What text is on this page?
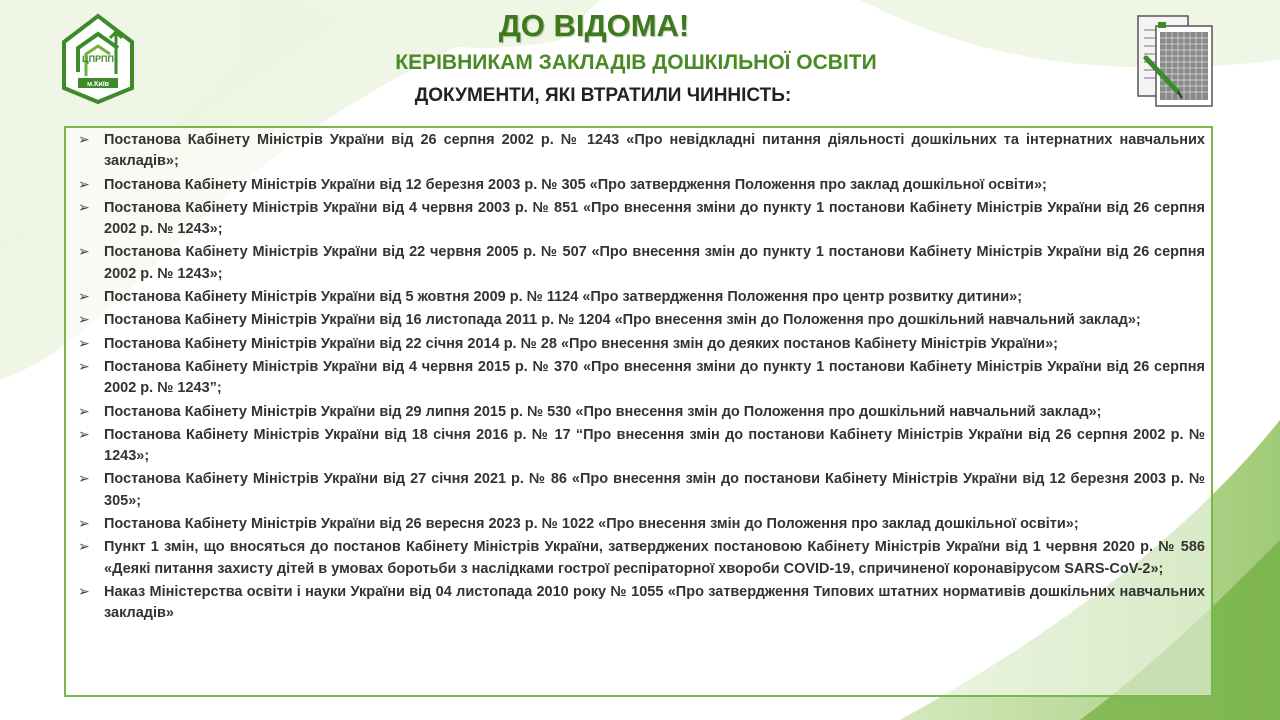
ЦПРПП
м.Київ
ДО ВІДОМА!
КЕРІВНИКАМ ЗАКЛАДІВ ДОШКІЛЬНОЇ ОСВІТИ
ДОКУМЕНТИ, ЯКІ ВТРАТИЛИ ЧИННІСТЬ:
➢ Постанова Кабінету Міністрів України від 26 серпня 2002 р. № 1243 «Про невідкладні питання діяльності дошкільних та інтернатних навчальних закладів»;
➢ Постанова Кабінету Міністрів України від 12 березня 2003 р. № 305 «Про затвердження Положення про заклад дошкільної освіти»;
➢ Постанова Кабінету Міністрів України від 4 червня 2003 р. № 851 «Про внесення зміни до пункту 1 постанови Кабінету Міністрів України від 26 серпня 2002 р. № 1243»;
➢ Постанова Кабінету Міністрів України від 22 червня 2005 р. № 507 «Про внесення змін до пункту 1 постанови Кабінету Міністрів України від 26 серпня 2002 р. № 1243»;
➢ Постанова Кабінету Міністрів України від 5 жовтня 2009 р. № 1124 «Про затвердження Положення про центр розвитку дитини»;
➢ Постанова Кабінету Міністрів України від 16 листопада 2011 р. № 1204 «Про внесення змін до Положення про дошкільний навчальний заклад»;
➢ Постанова Кабінету Міністрів України від 22 січня 2014 р. № 28 «Про внесення змін до деяких постанов Кабінету Міністрів України»;
➢ Постанова Кабінету Міністрів України від 4 червня 2015 р. № 370 «Про внесення зміни до пункту 1 постанови Кабінету Міністрів України від 26 серпня 2002 р. № 1243”;
➢ Постанова Кабінету Міністрів України від 29 липня 2015 р. № 530 «Про внесення змін до Положення про дошкільний навчальний заклад»;
➢ Постанова Кабінету Міністрів України від 18 січня 2016 р. № 17 “Про внесення змін до постанови Кабінету Міністрів України від 26 серпня 2002 р. № 1243»;
➢ Постанова Кабінету Міністрів України від 27 січня 2021 р. № 86 «Про внесення змін до постанови Кабінету Міністрів України від 12 березня 2003 р. № 305»;
➢ Постанова Кабінету Міністрів України від 26 вересня 2023 р. № 1022 «Про внесення змін до Положення про заклад дошкільної освіти»;
➢ Пункт 1 змін, що вносяться до постанов Кабінету Міністрів України, затверджених постановою Кабінету Міністрів України від 1 червня 2020 р. № 586 «Деякі питання захисту дітей в умовах боротьби з наслідками гострої респіраторної хвороби COVID-19, спричиненої коронавірусом SARS-CoV-2»;
➢ Наказ Міністерства освіти і науки України від 04 листопада 2010 року № 1055 «Про затвердження Типових штатних нормативів дошкільних навчальних закладів»
